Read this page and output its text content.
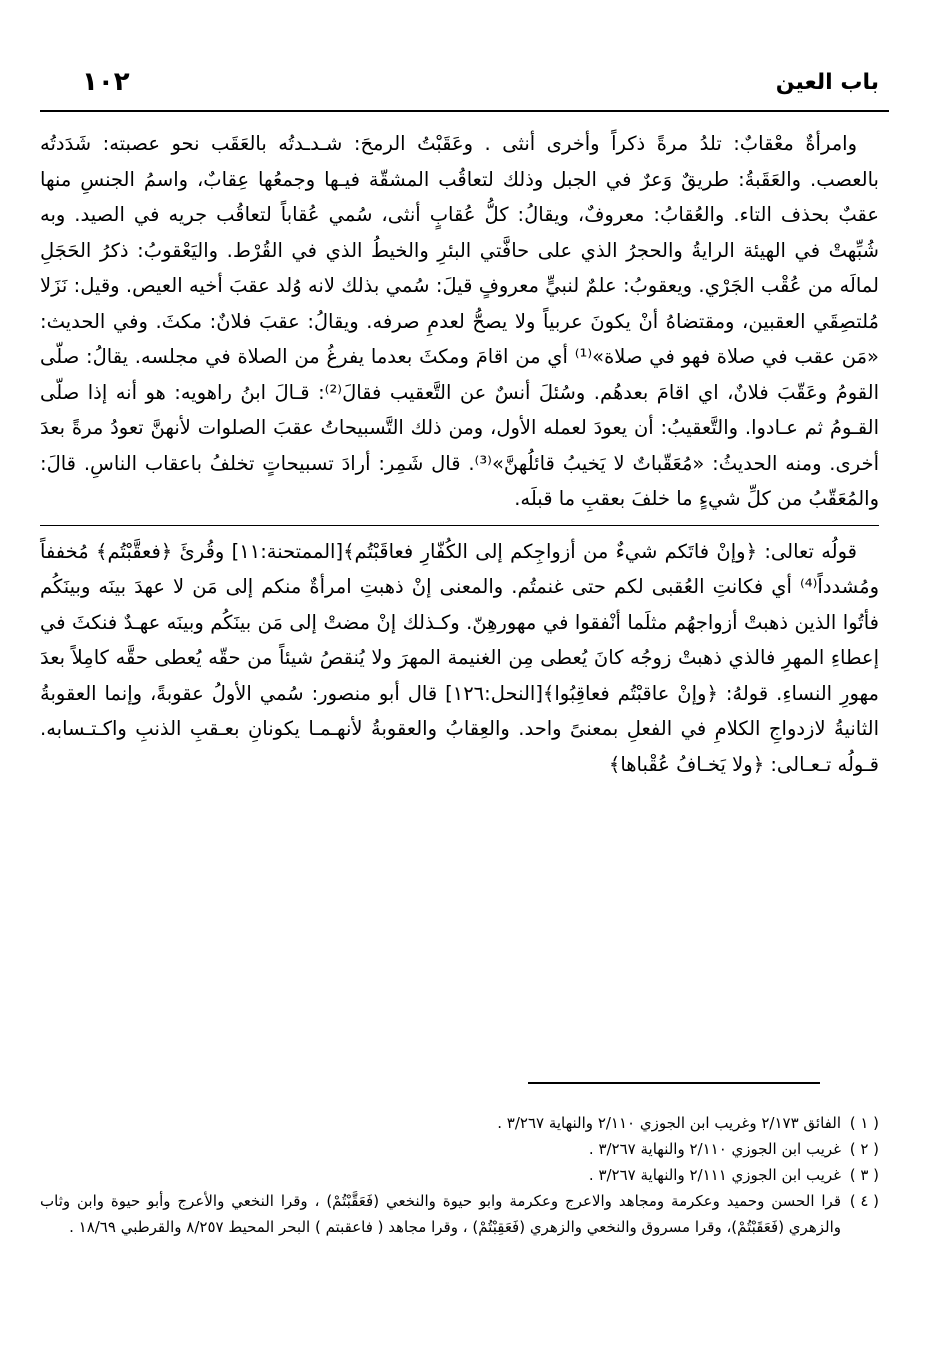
باب العين
١٠٢

وامرأةٌ معْقابٌ: تلدُ مرةً ذكراً وأخرى أنثى . وعَقَبْتُ الرمحَ: شـدـدتُه بالعَقَب نحو عصبته: شَدَدتُه بالعصب. والعَقَبةُ: طريقٌ وَعرٌ في الجبل وذلك لتعاقُب المشقّة فيـها وجمعُها عِقابٌ، واسمُ الجنسِ منها عقبٌ بحذف التاء. والعُقابُ: معروفٌ، ويقالُ: كلُّ عُقابٍ أنثى، سُمي عُقاباً لتعاقُب جريه في الصيد. وبه شُبِّهتْ في الهيئة الرايةُ والحجرُ الذي على حافَّتي البئرِ والخيطُ الذي في القُرْط. واليَعْقوبُ: ذكرُ الحَجَلِ لمالَه من عُقْب الجَرْي. ويعقوبُ: علمٌ لنبيٍّ معروفٍ قيلَ: سُمي بذلك لانه وُلد عقبَ أخيه العيص. وقيل: نَزَلا مُلتصِقَي العقبين، ومقتضاهُ أنْ يكونَ عربياً ولا يصحُّ لعدمِ صرفه. ويقالُ: عقبَ فلانٌ: مكثَ. وفي الحديث: «مَن عقب في صلاة فهو في صلاة»⁽¹⁾ أي من اقامَ ومكثَ بعدما يفرغُ من الصلاة في مجلسه. يقالُ: صلّى القومُ وعَقّبَ فلانٌ، اي اقامَ بعدهُم. وسُئلَ أنسٌ عن التَّعقيب فقالَ⁽²⁾: قـالَ ابنُ راهويه: هو أنه إذا صلّى القـومُ ثم عـادوا. والتَّعقيبُ: أن يعودَ لعمله الأول، ومن ذلك التَّسبيحاتُ عقبَ الصلوات لأنهنَّ تعودُ مرةً بعدَ أخرى. ومنه الحديثُ: «مُعَقّباتٌ لا يَخيبُ قائلُهنَّ»⁽³⁾. قال شَمِر: أرادَ تسبيحاتٍ تخلفُ باعقاب الناسِ. قالَ: والمُعَقّبُ من كلِّ شيءٍ ما خلفَ بعقبِ ما قبلَه.

قولُه تعالى: ﴿وإنْ فاتَكم شيءٌ من أزواجِكم إلى الكُفّارِ فعاقَبْتُم﴾[الممتحنة:١١] وقُرئَ ﴿فعقَّبْتُم﴾ مُخففاً ومُشدداً⁽⁴⁾ أي فكانتِ العُقبى لكم حتى غنمتُم. والمعنى إنْ ذهبتِ امرأةٌ منكم إلى مَن لا عهدَ بينَه وبينَكُم فأتُوا الذين ذهبتْ أزواجهُم مثلَما أنْفقوا في مهورهِنّ. وكـذلك إنْ مضتْ إلى مَن بينَكُم وبينَه عهـدٌ فنكثَ في إعطاءِ المهرِ فالذي ذهبتْ زوجُه كانَ يُعطى مِن الغنيمة المهرَ ولا يُنقصُ شيئاً من حقّه يُعطى حقَّه كامِلاً بعدَ مهورِ النساءِ. قولهُ: ﴿وإنْ عاقبْتُم فعاقِبُوا﴾[النحل:١٢٦] قال أبو منصور: سُمي الأولُ عقوبةً، وإنما العقوبةُ الثانيةُ لازدواجِ الكلامِ في الفعلِ بمعنىً واحد. والعِقابُ والعقوبةُ لأنهـمـا يكونانِ بعـقبِ الذنبِ واكـتـسابه. قـولُه تـعـالى: ﴿ولا يَخـافُ عُقْباها﴾

( ١ )
الفائق ٢/١٧٣ وغريب ابن الجوزي ٢/١١٠ والنهاية ٣/٢٦٧ .
( ٢ )
غريب ابن الجوزي ٢/١١٠ والنهاية ٣/٢٦٧ .
( ٣ )
غريب ابن الجوزي ٢/١١١ والنهاية ٣/٢٦٧ .
( ٤ )
قرا الحسن وحميد وعكرمة ومجاهد والاعرج وعكرمة وابو حيوة والنخعي (فَعَقَّبْتُمْ) ، وقرا النخعي والأعرج وأبو حيوة وابن وثاب والزهري (فَعَقَبْتُمْ)، وقرا مسروق والنخعي والزهري (فَعَقِبْتُمْ) ، وقرا مجاهد ( فاعقبتم ) البحر المحيط ٨/٢٥٧ والقرطبي ١٨/٦٩ .
